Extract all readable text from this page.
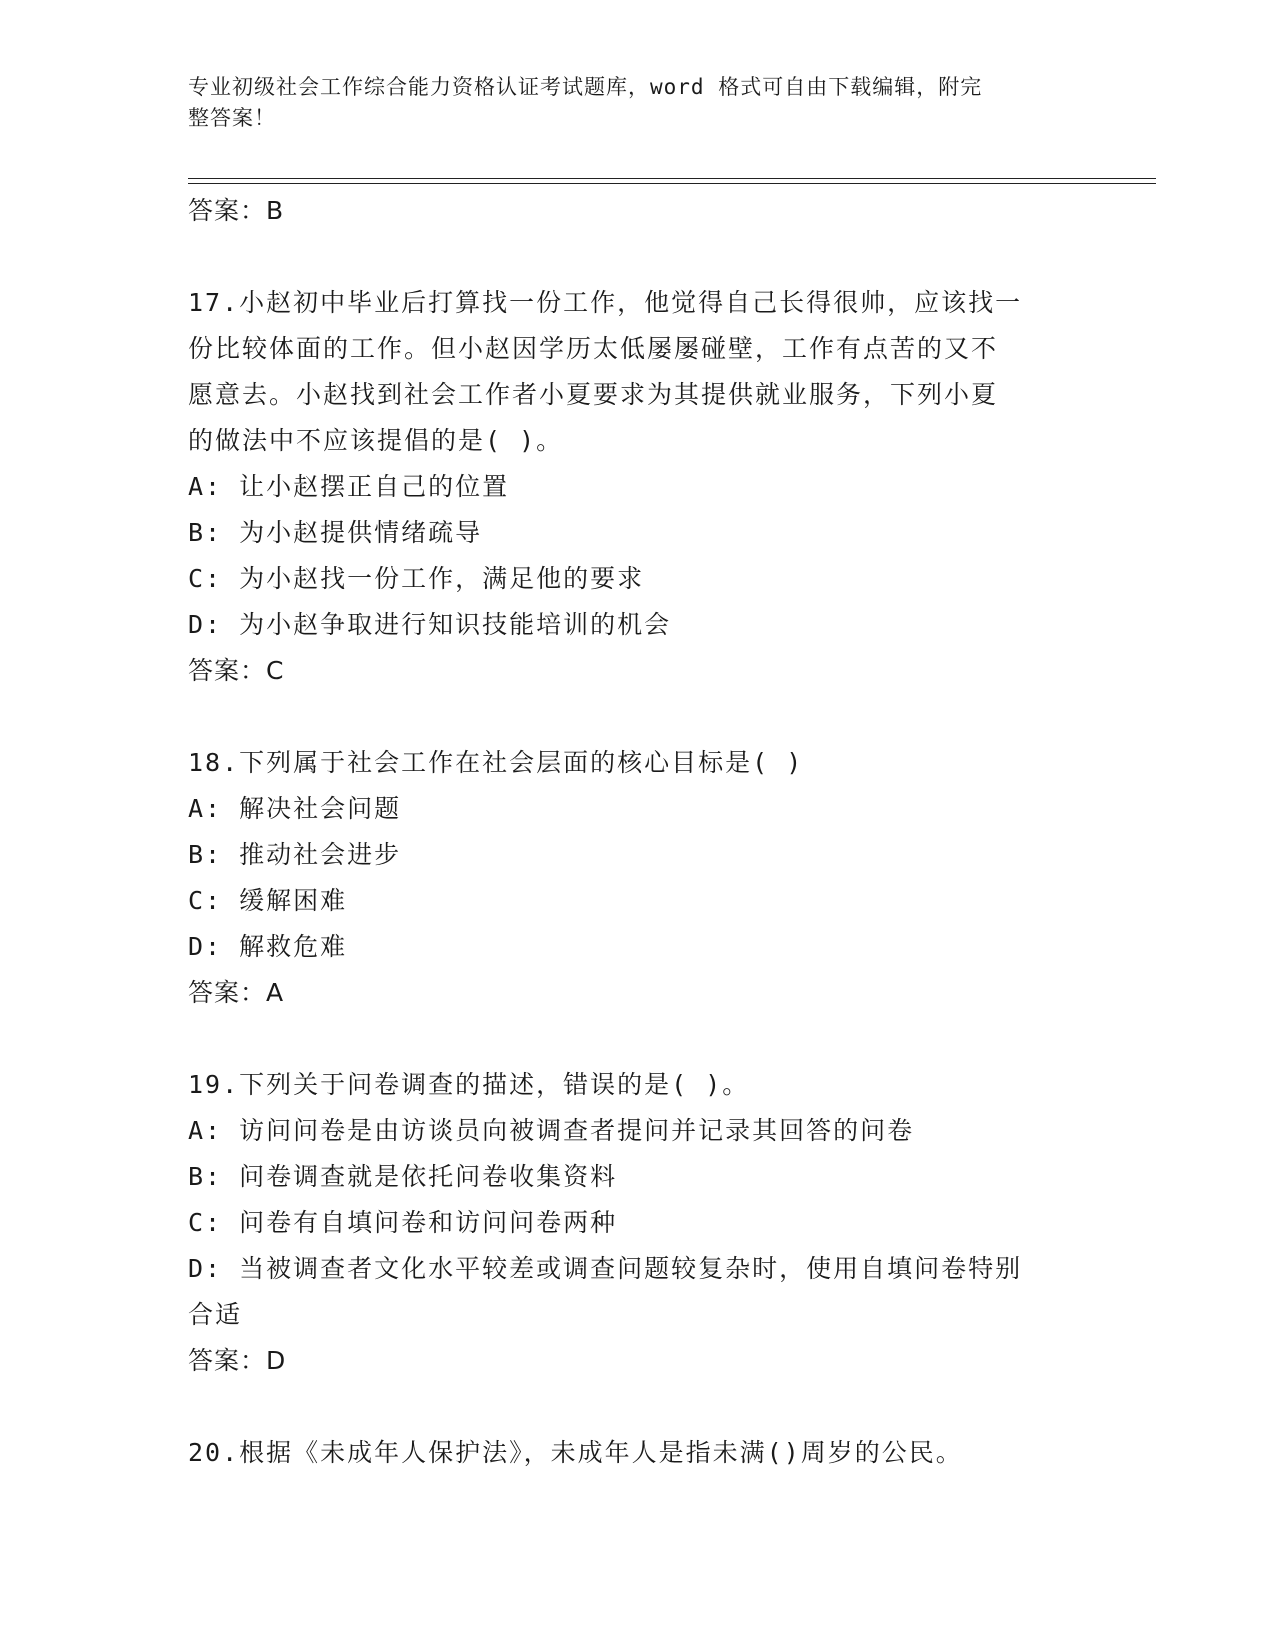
专业初级社会工作综合能力资格认证考试题库，word 格式可自由下载编辑，附完
整答案！
答案：B
17.小赵初中毕业后打算找一份工作，他觉得自己长得很帅，应该找一
份比较体面的工作。但小赵因学历太低屡屡碰壁，工作有点苦的又不
愿意去。小赵找到社会工作者小夏要求为其提供就业服务，下列小夏
的做法中不应该提倡的是( )。
A: 让小赵摆正自己的位置
B: 为小赵提供情绪疏导
C: 为小赵找一份工作，满足他的要求
D: 为小赵争取进行知识技能培训的机会
答案：C
18.下列属于社会工作在社会层面的核心目标是( )
A: 解决社会问题
B: 推动社会进步
C: 缓解困难
D: 解救危难
答案：A
19.下列关于问卷调查的描述，错误的是( )。
A: 访问问卷是由访谈员向被调查者提问并记录其回答的问卷
B: 问卷调查就是依托问卷收集资料
C: 问卷有自填问卷和访问问卷两种
D: 当被调查者文化水平较差或调查问题较复杂时，使用自填问卷特别
合适
答案：D
20.根据《未成年人保护法》，未成年人是指未满()周岁的公民。
